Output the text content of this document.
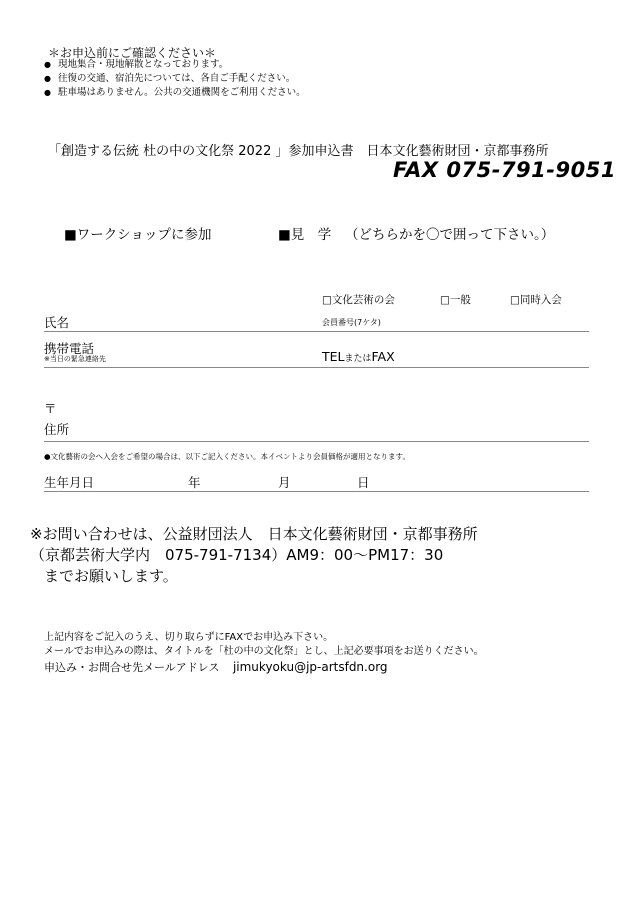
＊お申込前にご確認ください＊
● 現地集合・現地解散となっております。
● 往復の交通、宿泊先については、各自ご手配ください。
● 駐車場はありません。公共の交通機関をご利用ください。
「創造する伝統 杜の中の文化祭 2022 」参加申込書　日本文化藝術財団・京都事務所
FAX 075-791-9051
■ワークショップに参加	■見　学 （どちらかを〇で囲って下さい。）
□文化芸術の会	□一般	□同時入会
氏名	会員番号(7ケタ)
携帯電話
※当日の緊急連絡先	TELまたはFAX
〒
住所
●文化藝術の会へ入会をご希望の場合は、以下ご記入ください。本イベントより会員価格が適用となります。
生年月日	年	月	日
※お問い合わせは、公益財団法人　日本文化藝術財団・京都事務所
（京都芸術大学内　075-791-7134）AM9：00～PM17：30
までお願いします。
上記内容をご記入のうえ、切り取らずにFAXでお申込み下さい。
メールでお申込みの際は、タイトルを「杜の中の文化祭」とし、上記必要事項をお送りください。
申込み・お問合せ先メールアドレス jimukyoku@jp-artsfdn.org
